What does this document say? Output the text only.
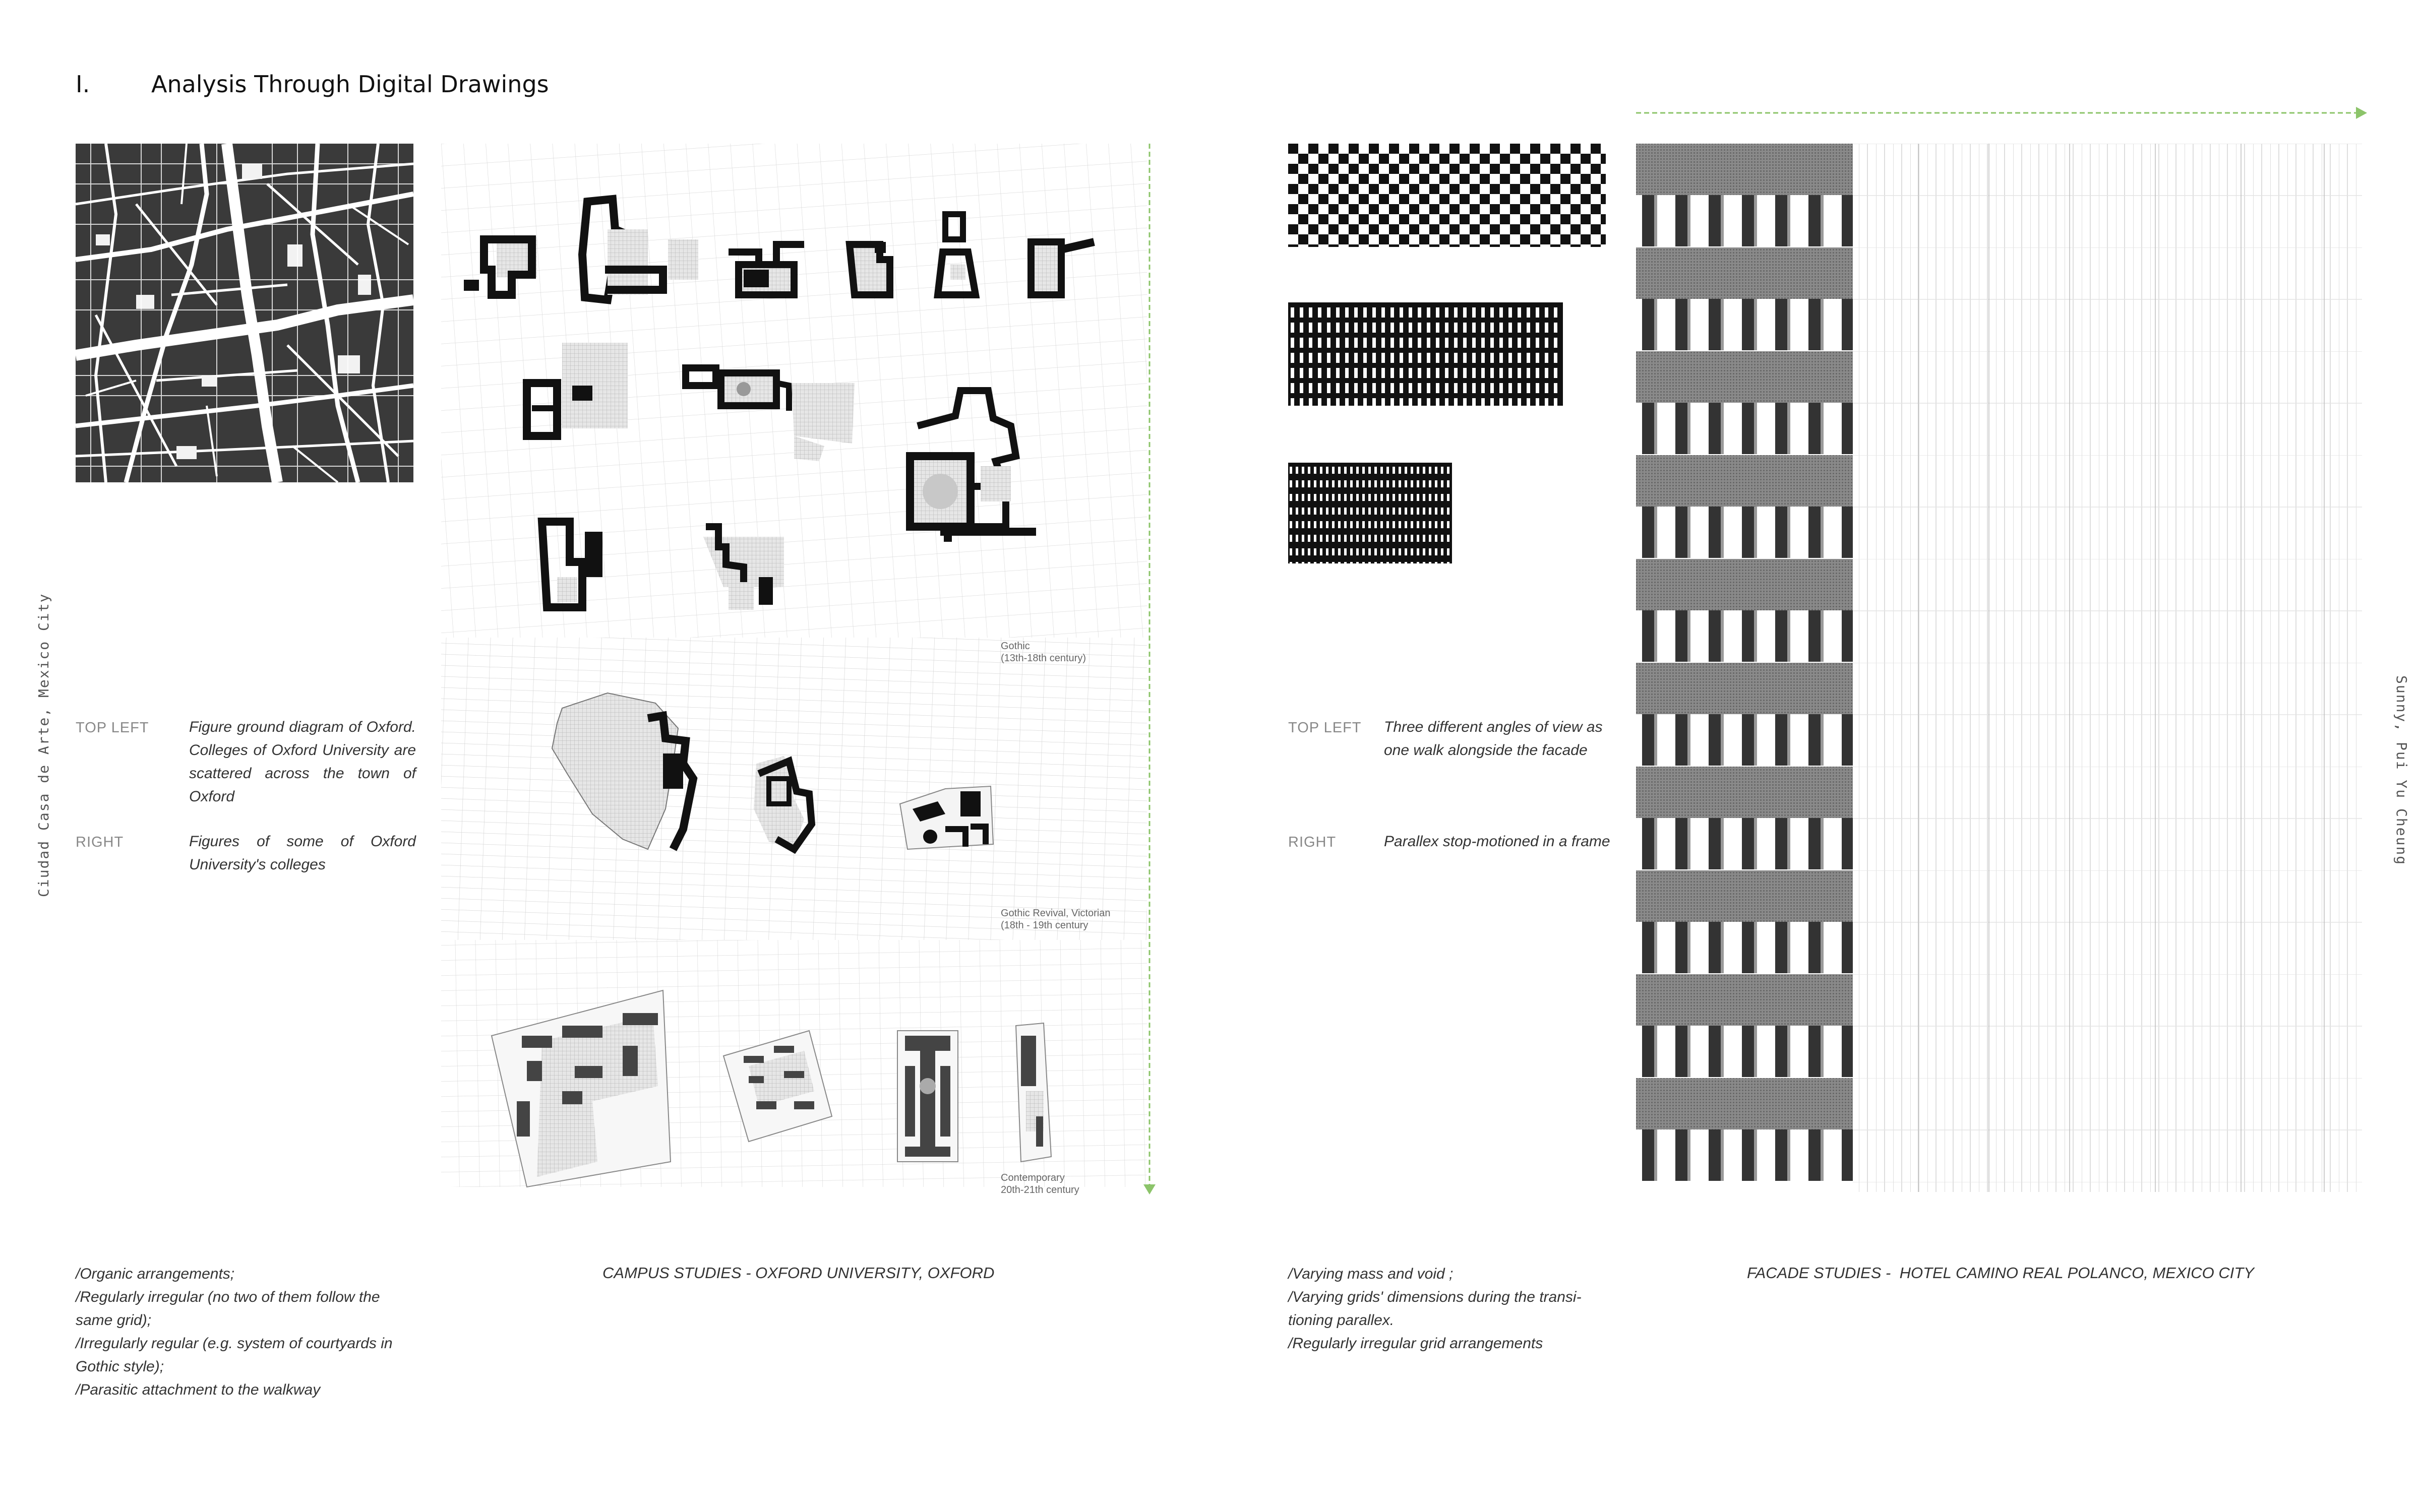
I.	Analysis Through Digital Drawings
Ciudad Casa de Arte, Mexico City	Sunny, Pui Yu Cheung
Gothic
(13th-18th century)
Gothic Revival, Victorian
(18th - 19th century
Contemporary
20th-21th century
TOP LEFT	Figure ground diagram of Oxford. Colleges of Oxford University are scattered across the town of Oxford
RIGHT	Figures of some of Oxford University's colleges
/Organic arrangements;
/Regularly irregular (no two of them follow the same grid);
/Irregularly regular (e.g. system of courtyards in Gothic style);
/Parasitic attachment to the walkway
CAMPUS STUDIES - OXFORD UNIVERSITY, OXFORD
TOP LEFT Three different angles of view as one walk alongside the facade
RIGHT	Parallex stop-motioned in a frame
/Varying mass and void ;
/Varying grids' dimensions during the transi- tioning parallex.
/Regularly irregular grid arrangements
FACADE STUDIES -  HOTEL CAMINO REAL POLANCO, MEXICO CITY
